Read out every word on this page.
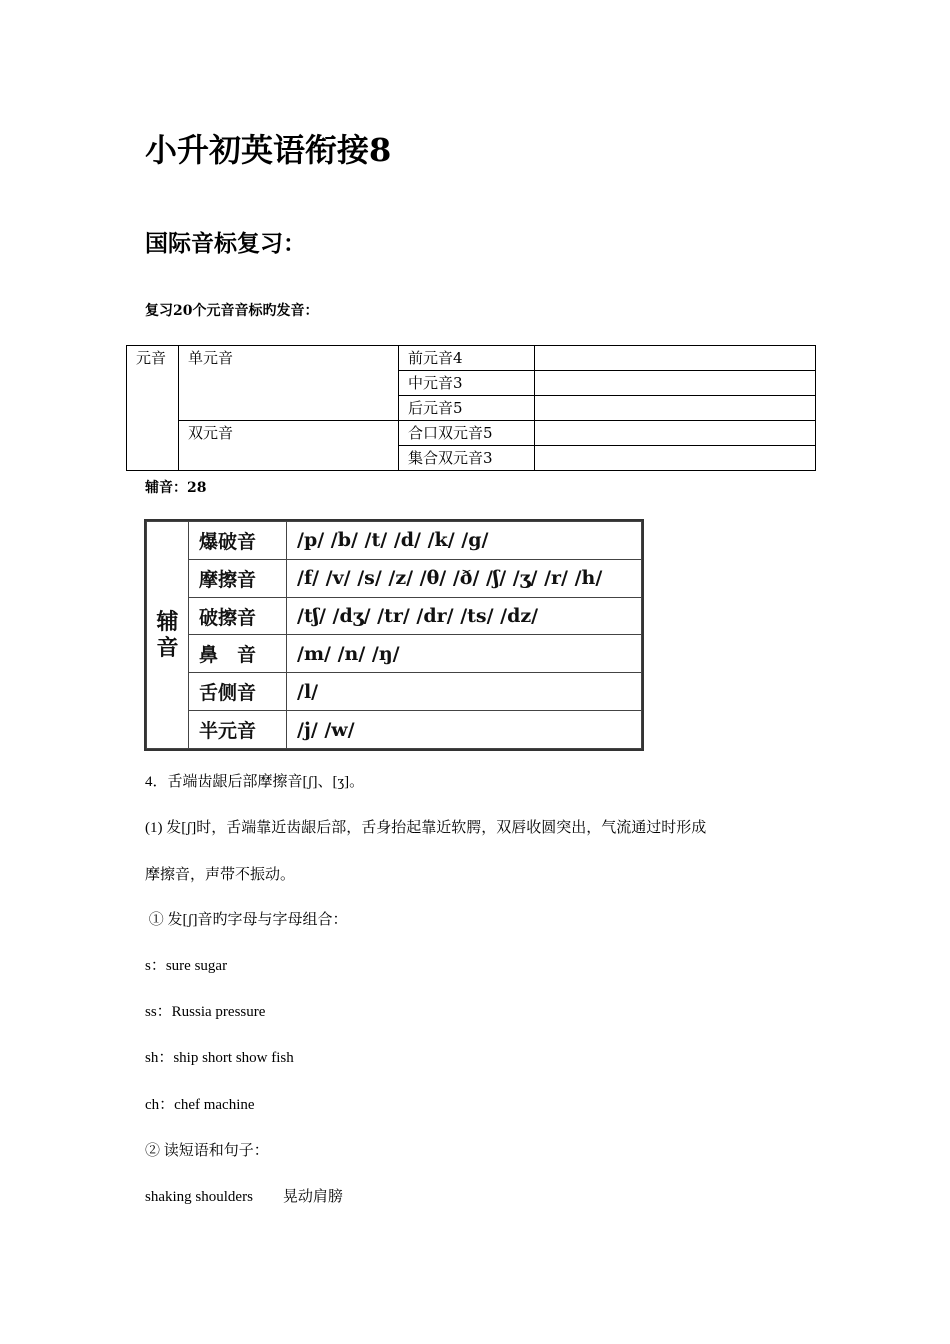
小升初英语衔接8
国际音标复习：

复习20个元音音标旳发音：

元音	单元音	前元音4	
		中元音3	
		后元音5	
	双元音	合口双元音5	
		集合双元音3	

辅音：28

辅音	爆破音	/p/ /b/ /t/ /d/ /k/ /g/
	摩擦音	/f/ /v/ /s/ /z/ /θ/ /ð/ /ʃ/ /ʒ/ /r/ /h/
	破擦音	/tʃ/ /dʒ/ /tr/ /dr/ /ts/ /dz/
	鼻　音	/m/ /n/ /ŋ/
	舌侧音	/l/
	半元音	/j/ /w/

4．舌端齿龈后部摩擦音[ʃ]、[ʒ]。

(1) 发[ʃ]时，舌端靠近齿龈后部，舌身抬起靠近软腭，双唇收圆突出，气流通过时形成

摩擦音，声带不振动。

① 发[ʃ]音旳字母与字母组合：

s：sure sugar

ss：Russia pressure

sh：ship short show fish

ch：chef machine

② 读短语和句子：

shaking shoulders 晃动肩膀
